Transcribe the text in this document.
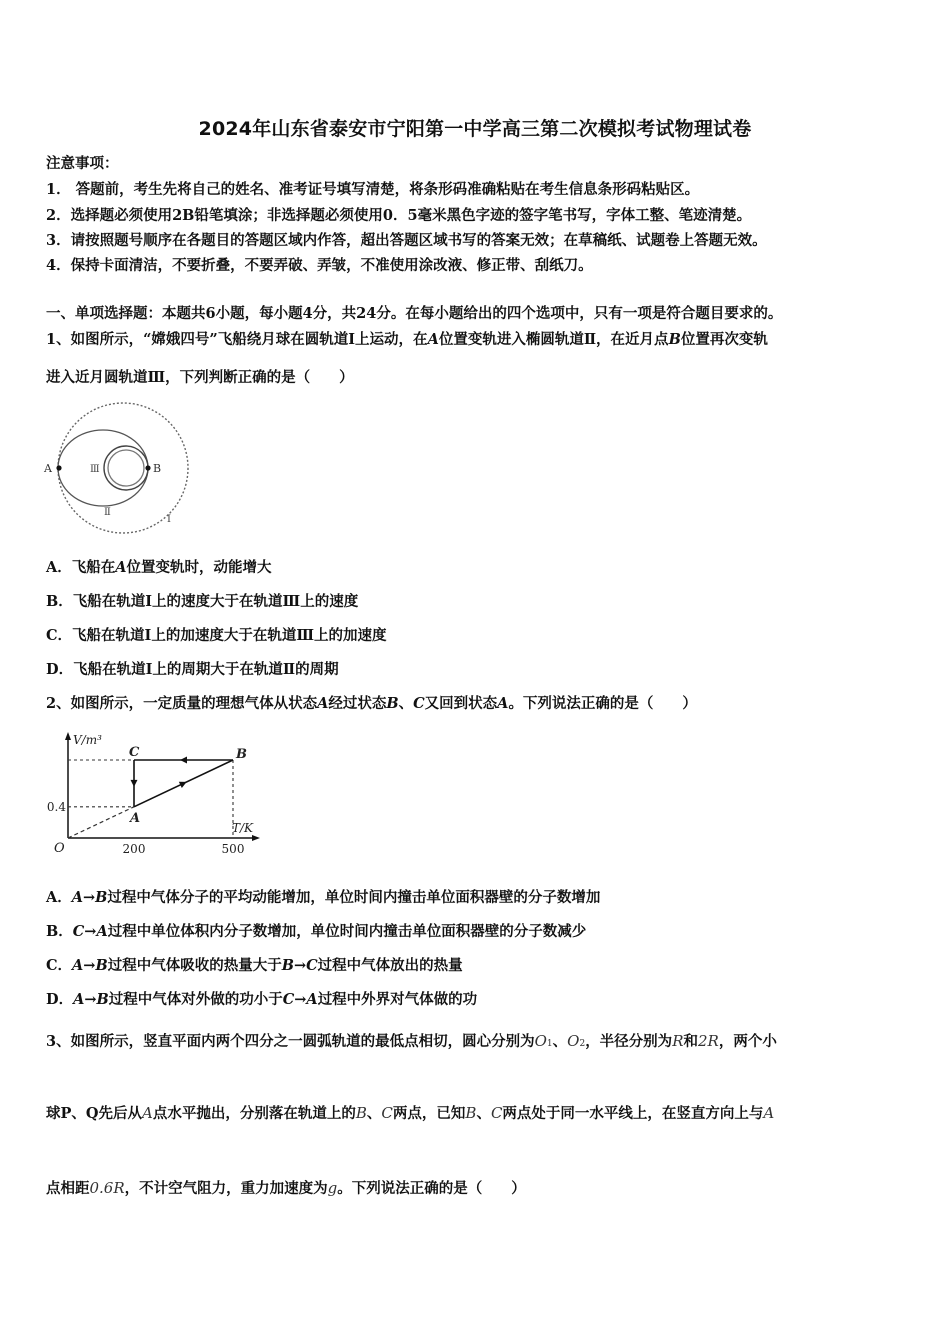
2024年山东省泰安市宁阳第一中学高三第二次模拟考试物理试卷
注意事项：
1． 答题前，考生先将自己的姓名、准考证号填写清楚，将条形码准确粘贴在考生信息条形码粘贴区。
2．选择题必须使用2B铅笔填涂；非选择题必须使用0．5毫米黑色字迹的签字笔书写，字体工整、笔迹清楚。
3．请按照题号顺序在各题目的答题区域内作答，超出答题区域书写的答案无效；在草稿纸、试题卷上答题无效。
4．保持卡面清洁，不要折叠，不要弄破、弄皱，不准使用涂改液、修正带、刮纸刀。
一、单项选择题：本题共6小题，每小题4分，共24分。在每小题给出的四个选项中，只有一项是符合题目要求的。
1、如图所示，“嫦娥四号”飞船绕月球在圆轨道Ⅰ上运动，在A位置变轨进入椭圆轨道Ⅱ，在近月点B位置再次变轨
进入近月圆轨道Ⅲ，下列判断正确的是（　　）
A	B
Ⅲ
Ⅱ
Ⅰ
A．飞船在A位置变轨时，动能增大
B．飞船在轨道Ⅰ上的速度大于在轨道Ⅲ上的速度
C．飞船在轨道Ⅰ上的加速度大于在轨道Ⅲ上的加速度
D．飞船在轨道Ⅰ上的周期大于在轨道Ⅱ的周期
2、如图所示，一定质量的理想气体从状态A经过状态B、C又回到状态A。下列说法正确的是（　　）
V/m³
T/K
O	200	500
0.4
A
B
C
A．A→B过程中气体分子的平均动能增加，单位时间内撞击单位面积器壁的分子数增加
B．C→A过程中单位体积内分子数增加，单位时间内撞击单位面积器壁的分子数减少
C．A→B过程中气体吸收的热量大于B→C过程中气体放出的热量
D．A→B过程中气体对外做的功小于C→A过程中外界对气体做的功
3、如图所示，竖直平面内两个四分之一圆弧轨道的最低点相切，圆心分别为O1、O2，半径分别为R和2R，两个小
球P、Q先后从A点水平抛出，分别落在轨道上的B、C两点，已知B、C两点处于同一水平线上，在竖直方向上与A
点相距0.6R，不计空气阻力，重力加速度为g。下列说法正确的是（　　）
